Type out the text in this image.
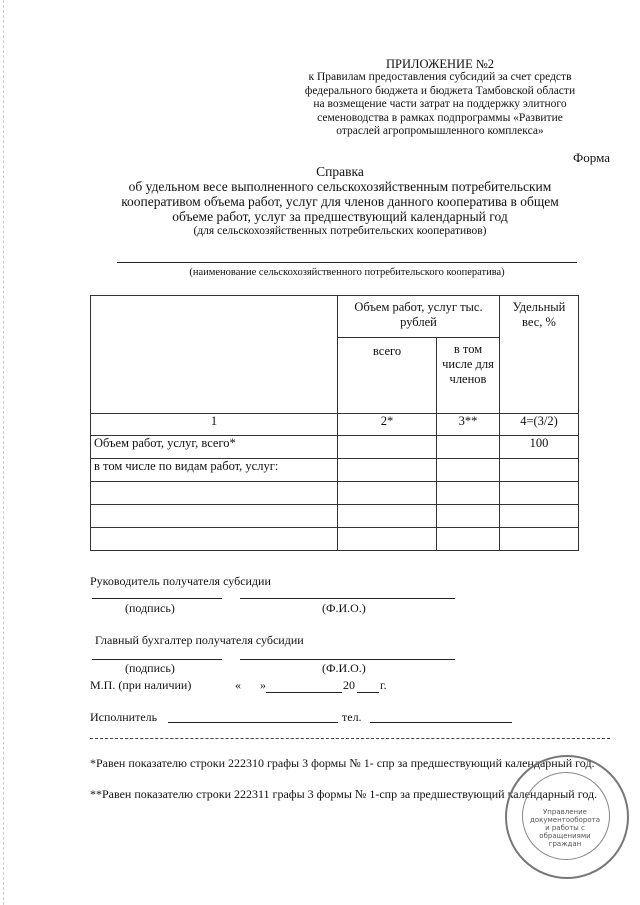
ПРИЛОЖЕНИЕ №2
к Правилам предоставления субсидий за счет средств
федерального бюджета и бюджета Тамбовской области
на возмещение части затрат на поддержку элитного
семеноводства в рамках подпрограммы «Развитие
отраслей агропромышленного комплекса»
Форма
Справка
об удельном весе выполненного сельскохозяйственным потребительским
кооперативом объема работ, услуг для членов данного кооператива в общем
объеме работ, услуг за предшествующий календарный год
(для сельскохозяйственных потребительских кооперативов)
(наименование сельскохозяйственного потребительского кооператива)
	Объем работ, услуг тыс. рублей		Удельный вес, %
	всего	в том числе для членов	
1	2*	3**	4=(3/2)
Объем работ, услуг, всего*			100
в том числе по видам работ, услуг:			

Руководитель получателя субсидии
(подпись)	(Ф.И.О.)
Главный бухгалтер получателя субсидии
(подпись)	(Ф.И.О.)
М.П. (при наличии)	« »	20 г.
Исполнитель	тел.
*Равен показателю строки 222310 графы 3 формы № 1- спр за предшествующий календарный год.
**Равен показателю строки 222311 графы 3 формы № 1-спр за предшествующий календарный год.
Управление документооборота и работы с обращениями граждан
